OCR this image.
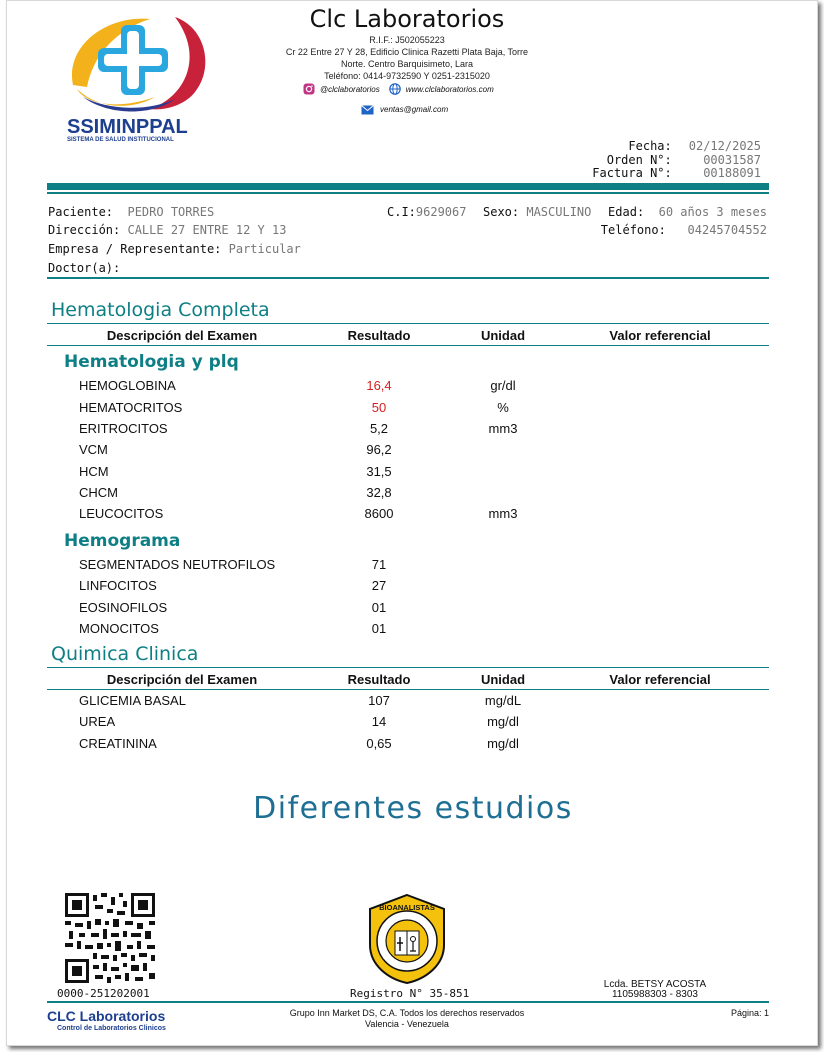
SSIMINPPAL
SISTEMA DE SALUD INSTITUCIONAL
Clc Laboratorios
R.I.F.: J502055223
Cr 22 Entre 27 Y 28, Edificio Clinica Razetti Plata Baja, Torre
Norte. Centro Barquisimeto, Lara
Teléfono: 0414-9732590 Y 0251-2315020
@clclaboratorios	www.clclaboratorios.com
ventas@gmail.com
Fecha: 02/12/2025
Orden N°:	00031587
Factura N°:	00188091
Paciente: PEDRO TORRES	C.I:9629067 Sexo: MASCULINO Edad: 60 años 3 meses
Dirección: CALLE 27 ENTRE 12 Y 13	Teléfono: 04245704552
Empresa / Representante: Particular
Doctor(a):
Hematologia Completa
Descripción del Examen	Resultado	Unidad	Valor referencial
Hematologia y plq
HEMOGLOBINA	16,4	gr/dl
HEMATOCRITOS	50	%
ERITROCITOS	5,2	mm3
VCM	96,2
HCM	31,5
CHCM	32,8
LEUCOCITOS	8600	mm3
Hemograma
SEGMENTADOS NEUTROFILOS	71
LINFOCITOS	27
EOSINOFILOS	01
MONOCITOS	01
Quimica Clinica
Descripción del Examen	Resultado	Unidad	Valor referencial
GLICEMIA BASAL	107	mg/dL
UREA	14	mg/dl
CREATININA	0,65	mg/dl
Diferentes estudios
0000-251202001
BIOANALISTAS
Registro N° 35-851
Lcda. BETSY ACOSTA
1105988303 - 8303
CLC Laboratorios
Control de Laboratorios Clinicos
Grupo Inn Market DS, C.A. Todos los derechos reservados
Valencia - Venezuela
Página: 1
